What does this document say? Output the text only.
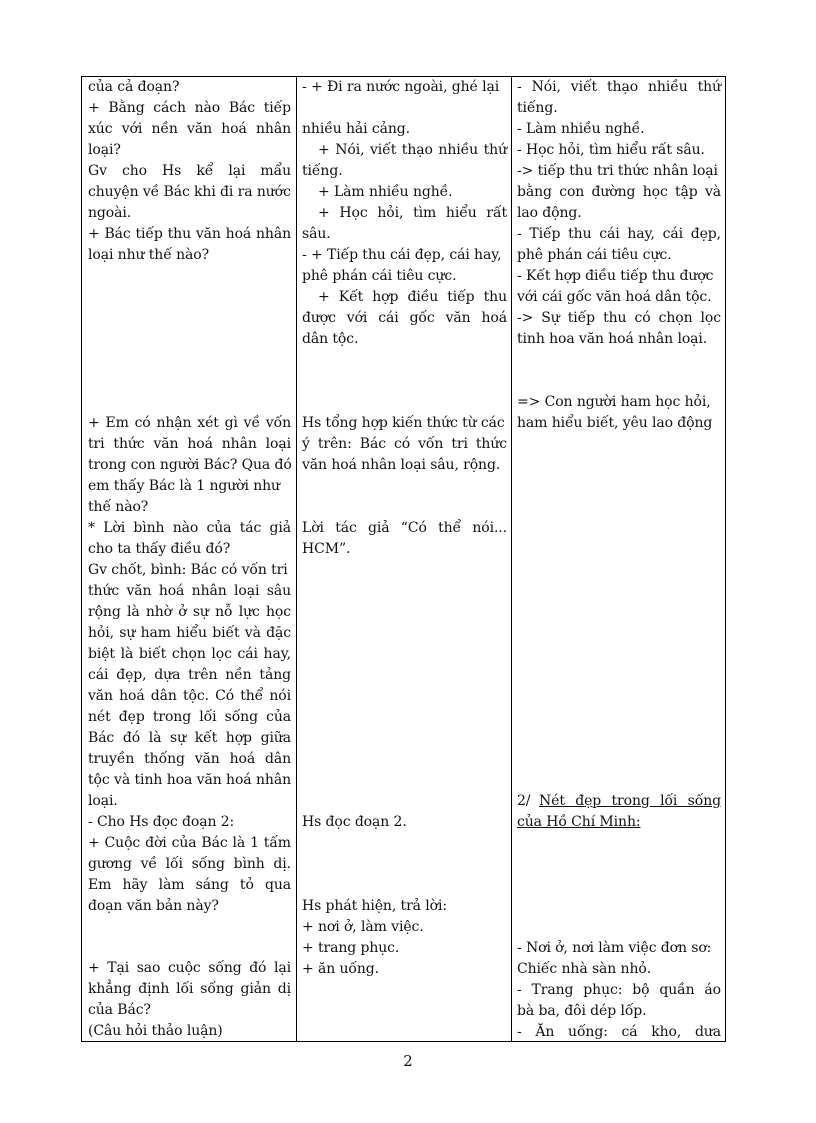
của cả đoạn?
+ Bằng cách nào Bác tiếp
xúc với nền văn hoá nhân
loại?
Gv cho Hs kể lại mẩu
chuyện về Bác khi đi ra nước
ngoài.
+ Bác tiếp thu văn hoá nhân
loại như thế nào?
+ Em có nhận xét gì về vốn
tri thức văn hoá nhân loại
trong con người Bác? Qua đó
em thấy Bác là 1 người như
thế nào?
* Lời bình nào của tác giả
cho ta thấy điều đó?
Gv chốt, bình: Bác có vốn tri
thức văn hoá nhân loại sâu
rộng là nhờ ở sự nỗ lực học
hỏi, sự ham hiểu biết và đặc
biệt là biết chọn lọc cái hay,
cái đẹp, dựa trên nền tảng
văn hoá dân tộc. Có thể nói
nét đẹp trong lối sống của
Bác đó là sự kết hợp giữa
truyền thống văn hoá dân
tộc và tinh hoa văn hoá nhân
loại.
- Cho Hs đọc đoạn 2:
+ Cuộc đời của Bác là 1 tấm
gương về lối sống bình dị.
Em hãy làm sáng tỏ qua
đoạn văn bản này?
+ Tại sao cuộc sống đó lại
khẳng định lối sống giản dị
của Bác?
(Câu hỏi thảo luận)
- + Đi ra nước ngoài, ghé lại
nhiều hải cảng.
+ Nói, viết thạo nhiều thứ
tiếng.
+ Làm nhiều nghề.
+ Học hỏi, tìm hiểu rất
sâu.
- + Tiếp thu cái đẹp, cái hay,
phê phán cái tiêu cực.
+ Kết hợp điều tiếp thu
được với cái gốc văn hoá
dân tộc.
Hs tổng hợp kiến thức từ các
ý trên: Bác có vốn tri thức
văn hoá nhân loại sâu, rộng.
Lời tác giả “Có thể nói...
HCM”.
Hs đọc đoạn 2.
Hs phát hiện, trả lời:
+ nơi ở, làm việc.
+ trang phục.
+ ăn uống.
- Nói, viết thạo nhiều thứ
tiếng.
- Làm nhiều nghề.
- Học hỏi, tìm hiểu rất sâu.
-> tiếp thu tri thức nhân loại
bằng con đường học tập và
lao động.
- Tiếp thu cái hay, cái đẹp,
phê phán cái tiêu cực.
- Kết hợp điều tiếp thu được
với cái gốc văn hoá dân tộc.
-> Sự tiếp thu có chọn lọc
tinh hoa văn hoá nhân loại.
=> Con người ham học hỏi,
ham hiểu biết, yêu lao động
2/ Nét đẹp trong lối sống
của Hồ Chí Minh:
- Nơi ở, nơi làm việc đơn sơ:
Chiếc nhà sàn nhỏ.
- Trang phục: bộ quần áo
bà ba, đôi dép lốp.
- Ăn uống: cá kho, dưa
2
